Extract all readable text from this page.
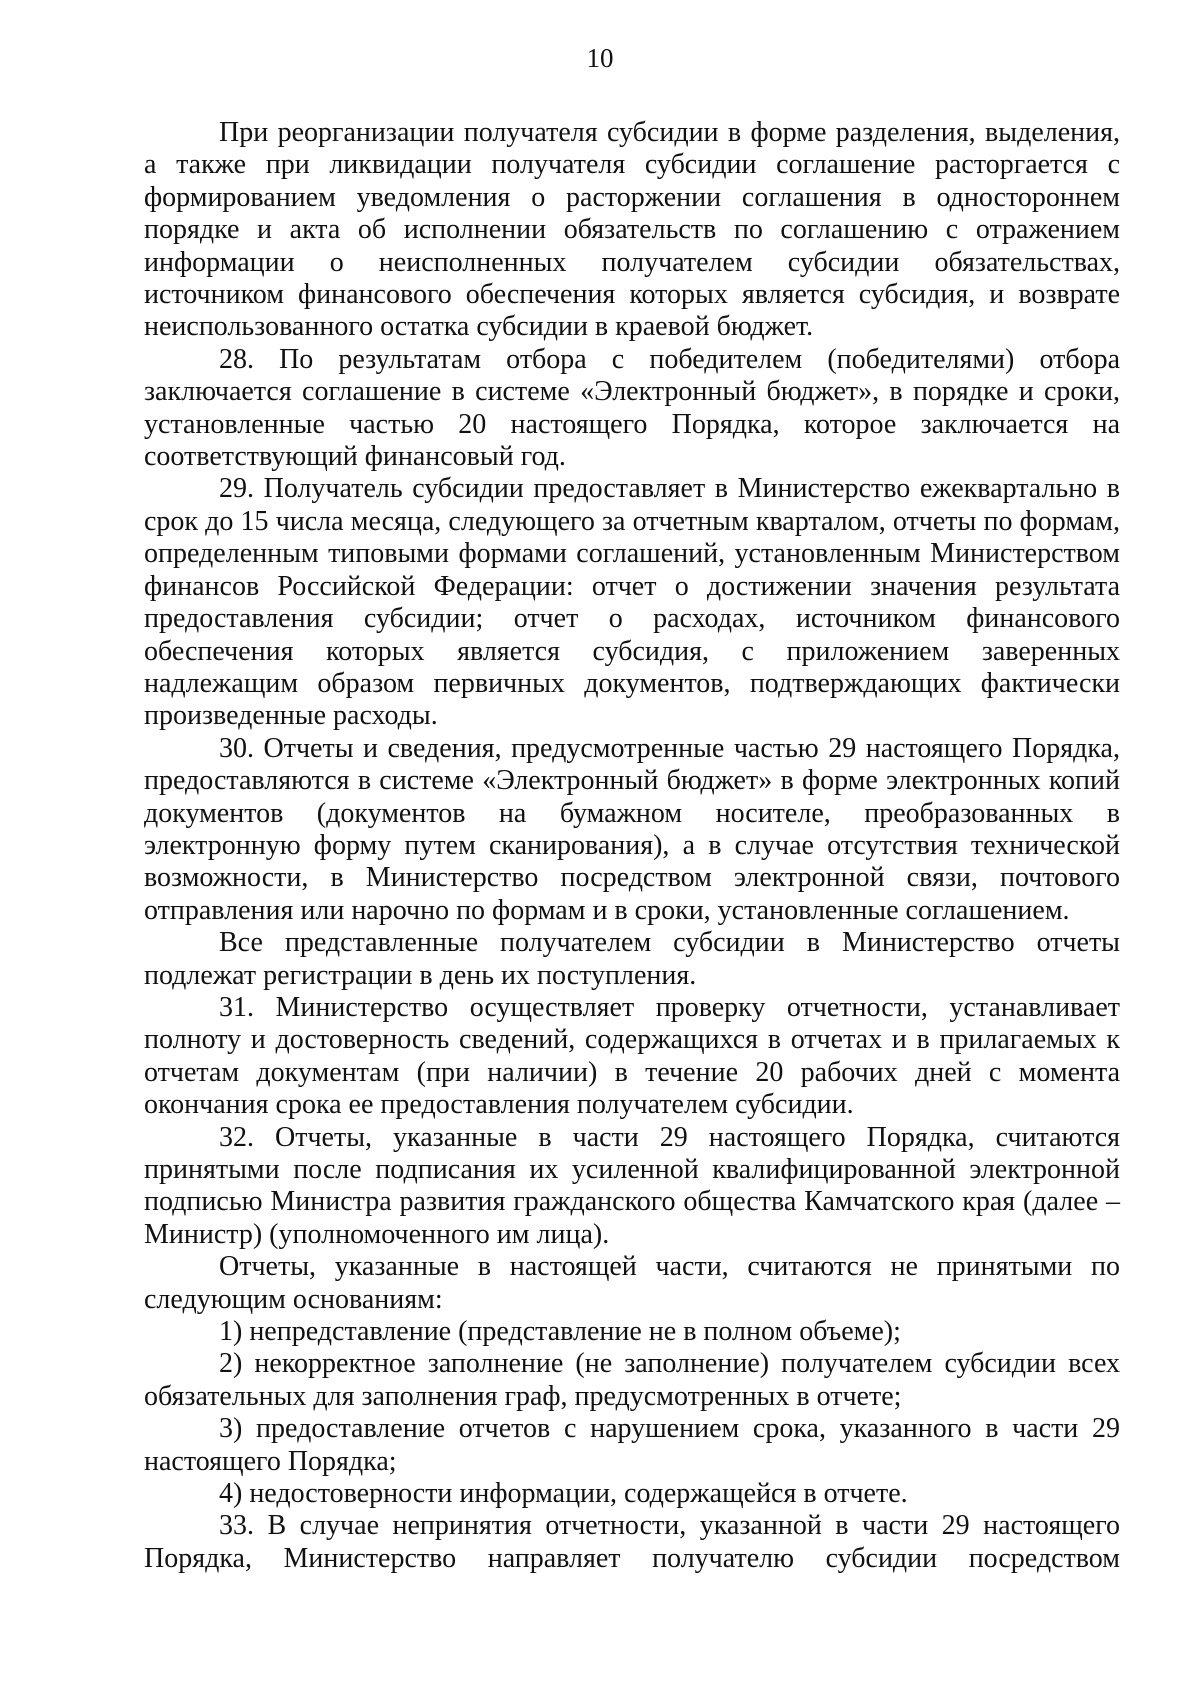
10

При реорганизации получателя субсидии в форме разделения, выделения, а также при ликвидации получателя субсидии соглашение расторгается с формированием уведомления о расторжении соглашения в одностороннем порядке и акта об исполнении обязательств по соглашению с отражением информации о неисполненных получателем субсидии обязательствах, источником финансового обеспечения которых является субсидия, и возврате неиспользованного остатка субсидии в краевой бюджет.

28. По результатам отбора с победителем (победителями) отбора заключается соглашение в системе «Электронный бюджет», в порядке и сроки, установленные частью 20 настоящего Порядка, которое заключается на соответствующий финансовый год.

29. Получатель субсидии предоставляет в Министерство ежеквартально в срок до 15 числа месяца, следующего за отчетным кварталом, отчеты по формам, определенным типовыми формами соглашений, установленным Министерством финансов Российской Федерации: отчет о достижении значения результата предоставления субсидии; отчет о расходах, источником финансового обеспечения которых является субсидия, с приложением заверенных надлежащим образом первичных документов, подтверждающих фактически произведенные расходы.

30. Отчеты и сведения, предусмотренные частью 29 настоящего Порядка, предоставляются в системе «Электронный бюджет» в форме электронных копий документов (документов на бумажном носителе, преобразованных в электронную форму путем сканирования), а в случае отсутствия технической возможности, в Министерство посредством электронной связи, почтового отправления или нарочно по формам и в сроки, установленные соглашением.

Все представленные получателем субсидии в Министерство отчеты подлежат регистрации в день их поступления.

31. Министерство осуществляет проверку отчетности, устанавливает полноту и достоверность сведений, содержащихся в отчетах и в прилагаемых к отчетам документам (при наличии) в течение 20 рабочих дней с момента окончания срока ее предоставления получателем субсидии.

32. Отчеты, указанные в части 29 настоящего Порядка, считаются принятыми после подписания их усиленной квалифицированной электронной подписью Министра развития гражданского общества Камчатского края (далее – Министр) (уполномоченного им лица).

Отчеты, указанные в настоящей части, считаются не принятыми по следующим основаниям:

1) непредставление (представление не в полном объеме);

2) некорректное заполнение (не заполнение) получателем субсидии всех обязательных для заполнения граф, предусмотренных в отчете;

3) предоставление отчетов с нарушением срока, указанного в части 29 настоящего Порядка;

4) недостоверности информации, содержащейся в отчете.

33. В случае непринятия отчетности, указанной в части 29 настоящего Порядка, Министерство направляет получателю субсидии посредством
